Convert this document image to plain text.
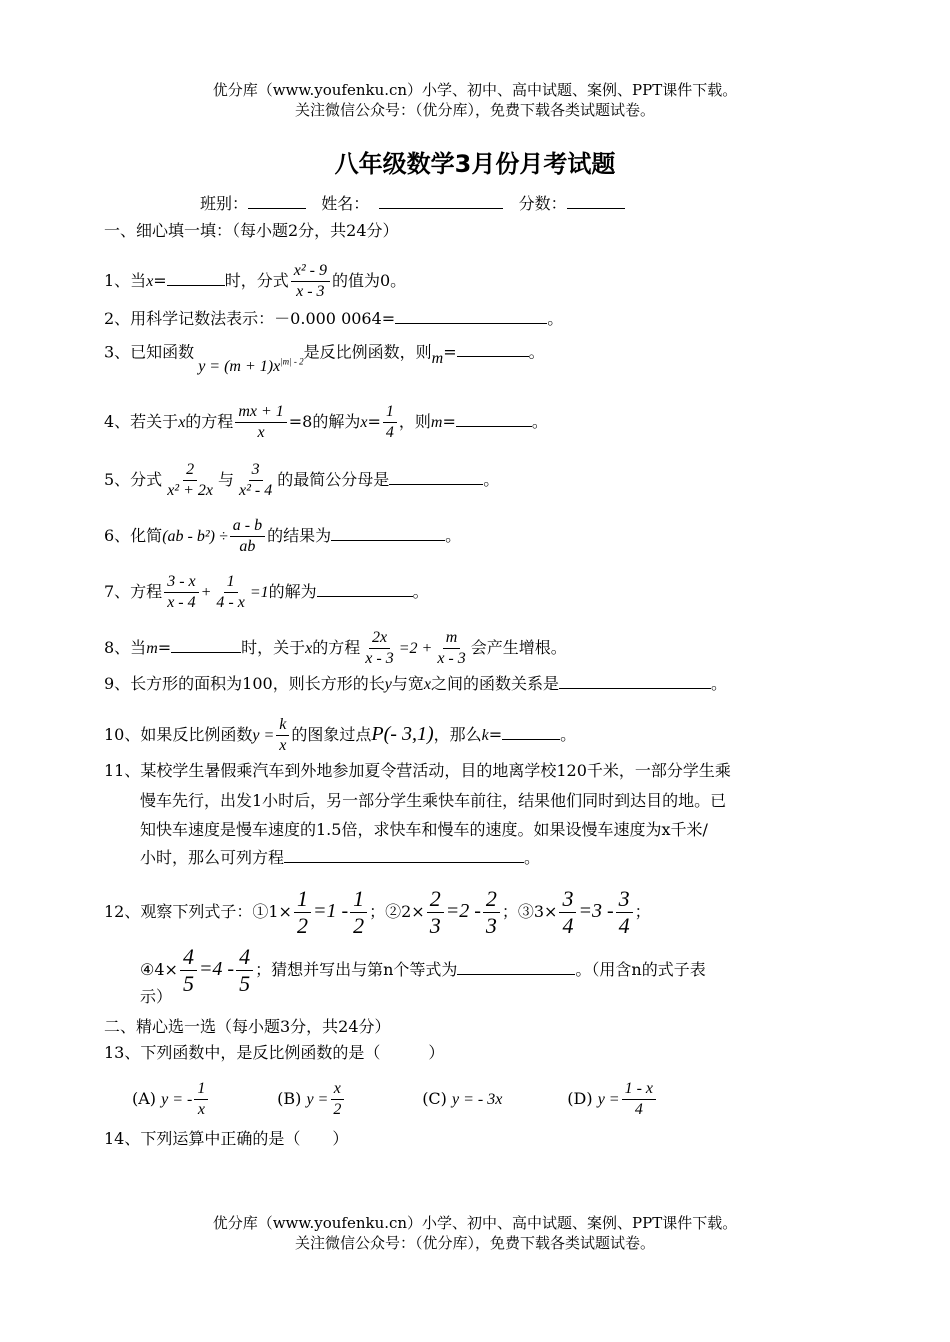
优分库（www.youfenku.cn）小学、初中、高中试题、案例、PPT课件下载。
关注微信公众号：（优分库），免费下载各类试题试卷。
八年级数学3月份月考试题
班别：	姓名：	分数：
一、细心填一填：（每小题2分，共24分）
1、当x=	时，分式 $\frac{\text{x² - 9}}{x - 3}$ 的值为0。
2、用科学记数法表示：－0.000 0064=	。
3、已知函数$y = (m + 1)x^{|m| - 2}$是反比例函数，则m=	。
4、若关于x的方程 $\frac{mx + 1}{x} =8$的解为$x= \frac{1}{4}$ ，则m=	。
5、分式 $\frac{2}{\text{x² + 2x}}$ 与 $\frac{3}{\text{x² - 4}}$ 的最简公分母是	。
6、化简$(ab - b^2) \div \frac{a - b}{ab}$ 的结果为	。
7、方程 $\frac{3 - x}{x - 4} + \frac{1}{4 - x} =1$的解为	。
8、当m=	时，关于x的方程 $\frac{2x}{x - 3} =2 + \frac{m}{x - 3}$ 会产生增根。
9、长方形的面积为100，则长方形的长y与宽x之间的函数关系是	。
10、如果反比例函数$y = \frac{k}{x}$ 的图象过点P(- 3,1)，那么k=	。
11、某校学生暑假乘汽车到外地参加夏令营活动，目的地离学校120千米，一部分学生乘
慢车先行，出发1小时后，另一部分学生乘快车前往，结果他们同时到达目的地。已
知快车速度是慢车速度的1.5倍，求快车和慢车的速度。如果设慢车速度为x千米/
小时，那么可列方程	。
12、观察下列式子：①1× $\frac{1}{2} =1 - \frac{1}{2}$ ；②2× $\frac{2}{3} =2 - \frac{2}{3}$ ；③3× $\frac{3}{4} =3 - \frac{3}{4}$ ；
④4× $\frac{4}{5} =4 - \frac{4}{5}$ ；猜想并写出与第n个等式为	。（用含n的式子表
示）
二、精心选一选（每小题3分，共24分）
13、下列函数中，是反比例函数的是（　　　）
(A) y = - $\frac{1}{x}$	(B) $y = \frac{x}{2}$	(C) y = - 3x	(D) $y = \frac{1 - x}{4}$
14、下列运算中正确的是（　　）
优分库（www.youfenku.cn）小学、初中、高中试题、案例、PPT课件下载。
关注微信公众号：（优分库），免费下载各类试题试卷。
